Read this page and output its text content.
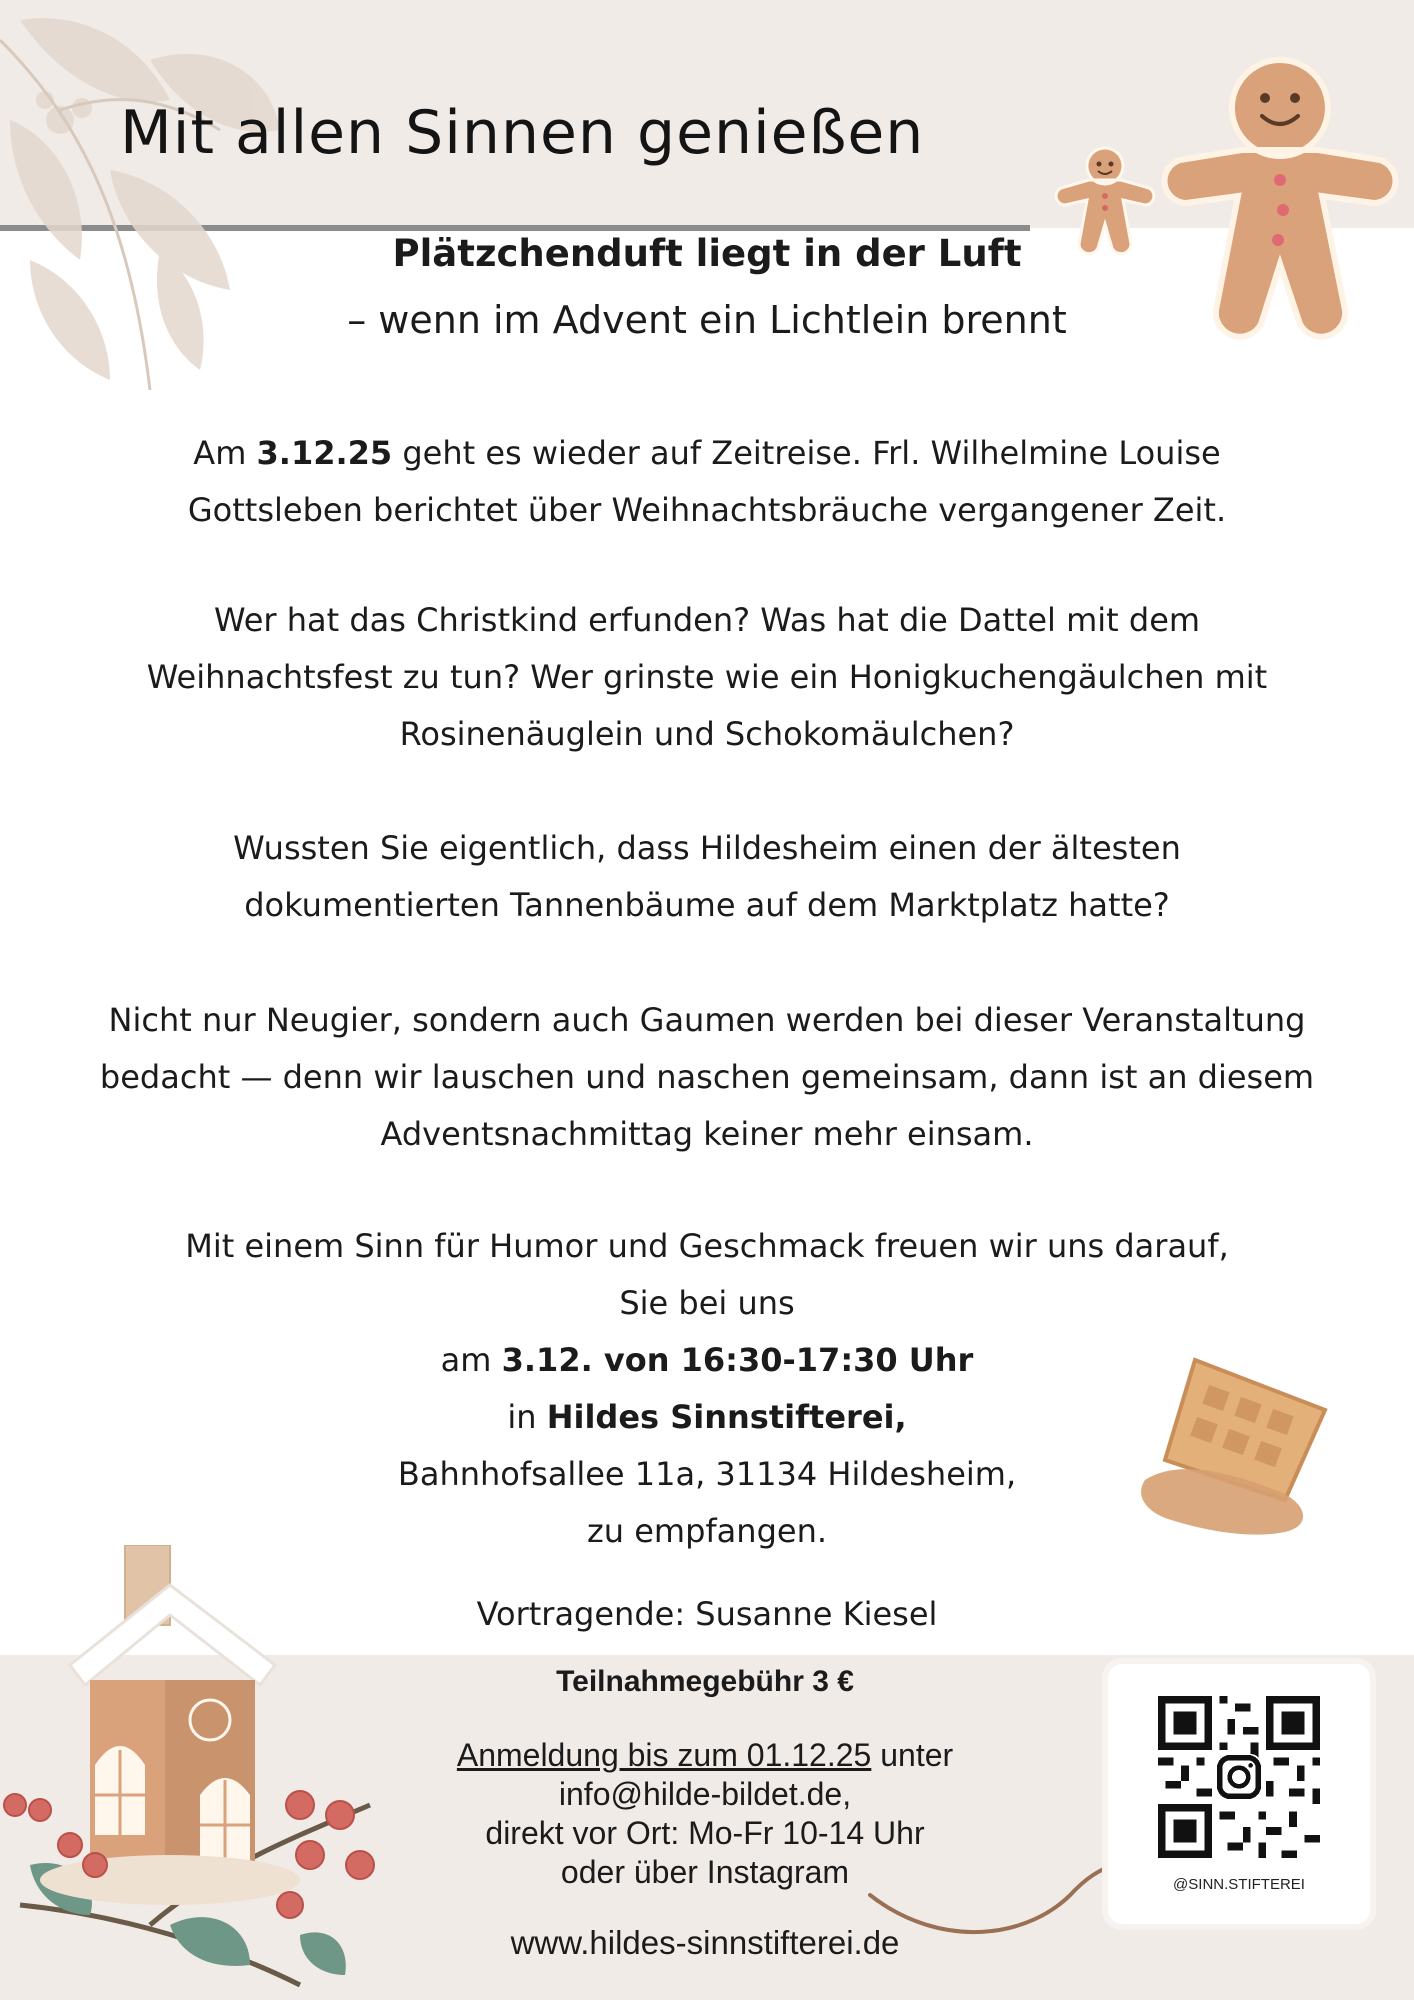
Mit allen Sinnen genießen
Plätzchenduft liegt in der Luft
– wenn im Advent ein Lichtlein brennt

Am 3.12.25 geht es wieder auf Zeitreise. Frl. Wilhelmine Louise
Gottsleben berichtet über Weihnachtsbräuche vergangener Zeit.

Wer hat das Christkind erfunden? Was hat die Dattel mit dem
Weihnachtsfest zu tun? Wer grinste wie ein Honigkuchengäulchen mit
Rosinenäuglein und Schokomäulchen?

Wussten Sie eigentlich, dass Hildesheim einen der ältesten
dokumentierten Tannenbäume auf dem Marktplatz hatte?

Nicht nur Neugier, sondern auch Gaumen werden bei dieser Veranstaltung
bedacht — denn wir lauschen und naschen gemeinsam, dann ist an diesem
Adventsnachmittag keiner mehr einsam.

Mit einem Sinn für Humor und Geschmack freuen wir uns darauf,
Sie bei uns
am 3.12. von 16:30-17:30 Uhr
in Hildes Sinnstifterei,
Bahnhofsallee 11a, 31134 Hildesheim,
zu empfangen.

Vortragende: Susanne Kiesel

Teilnahmegebühr 3 €
Anmeldung bis zum 01.12.25 unter
info@hilde-bildet.de,
direkt vor Ort: Mo-Fr 10-14 Uhr
oder über Instagram
www.hildes-sinnstifterei.de
@SINN.STIFTEREI
